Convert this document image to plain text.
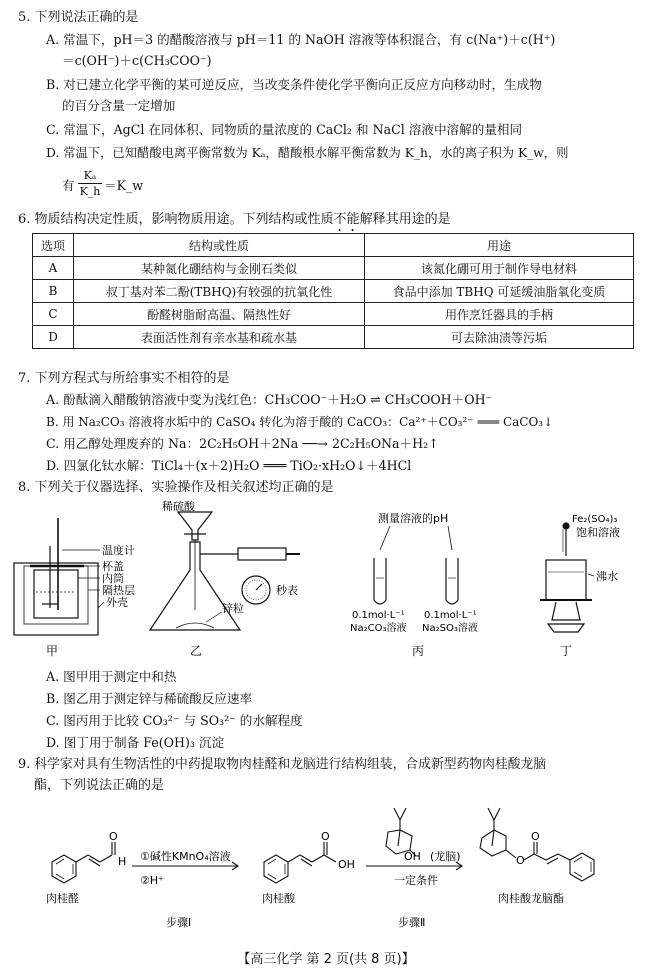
5. 下列说法正确的是
A. 常温下，pH＝3 的醋酸溶液与 pH＝11 的 NaOH 溶液等体积混合，有 c(Na⁺)＋c(H⁺)
＝c(OH⁻)＋c(CH₃COO⁻)
B. 对已建立化学平衡的某可逆反应，当改变条件使化学平衡向正反应方向移动时，生成物
的百分含量一定增加
C. 常温下，AgCl 在同体积、同物质的量浓度的 CaCl₂ 和 NaCl 溶液中溶解的量相同
D. 常温下，已知醋酸电离平衡常数为 Kₐ，醋酸根水解平衡常数为 K_h，水的离子积为 K_w，则
有
Kₐ
K_h ＝K_w
6. 物质结构决定性质，影响物质用途。下列结构或性质不能解释其用途的是
选项	结构或性质	用途
A	某种氮化硼结构与金刚石类似	该氮化硼可用于制作导电材料
B	叔丁基对苯二酚(TBHQ)有较强的抗氧化性	食品中添加 TBHQ 可延缓油脂氧化变质
C	酚醛树脂耐高温、隔热性好	用作烹饪器具的手柄
D	表面活性剂有亲水基和疏水基	可去除油渍等污垢
7. 下列方程式与所给事实不相符的是
A. 酚酞滴入醋酸钠溶液中变为浅红色：CH₃COO⁻＋H₂O ⇌ CH₃COOH＋OH⁻
B. 用 Na₂CO₃ 溶液将水垢中的 CaSO₄ 转化为溶于酸的 CaCO₃：Ca²⁺＋CO₃²⁻ ═══ CaCO₃↓
C. 用乙醇处理废弃的 Na：2C₂H₅OH＋2Na ──→ 2C₂H₅ONa＋H₂↑
D. 四氯化钛水解：TiCl₄＋(x＋2)H₂O ═══ TiO₂·xH₂O↓＋4HCl
8. 下列关于仪器选择、实验操作及相关叙述均正确的是
温度计
杯盖
内筒
隔热层
外壳
甲
稀硫酸
秒表
锌粒
乙
测量溶液的pH
0.1mol·L⁻¹
Na₂CO₃溶液
0.1mol·L⁻¹
Na₂SO₃溶液
丙
Fe₂(SO₄)₃
饱和溶液
沸水
丁
A. 图甲用于测定中和热
B. 图乙用于测定锌与稀硫酸反应速率
C. 图丙用于比较 CO₃²⁻ 与 SO₃²⁻ 的水解程度
D. 图丁用于制备 Fe(OH)₃ 沉淀
9. 科学家对具有生物活性的中药提取物肉桂醛和龙脑进行结构组装，合成新型药物肉桂酸龙脑
酯，下列说法正确的是
O
H
O
OH
OH (龙脑)	O
O
①碱性KMnO₄溶液
②H⁺	一定条件
肉桂醛	肉桂酸	肉桂酸龙脑酯
步骤Ⅰ	步骤Ⅱ
【高三化学 第 2 页(共 8 页)】
